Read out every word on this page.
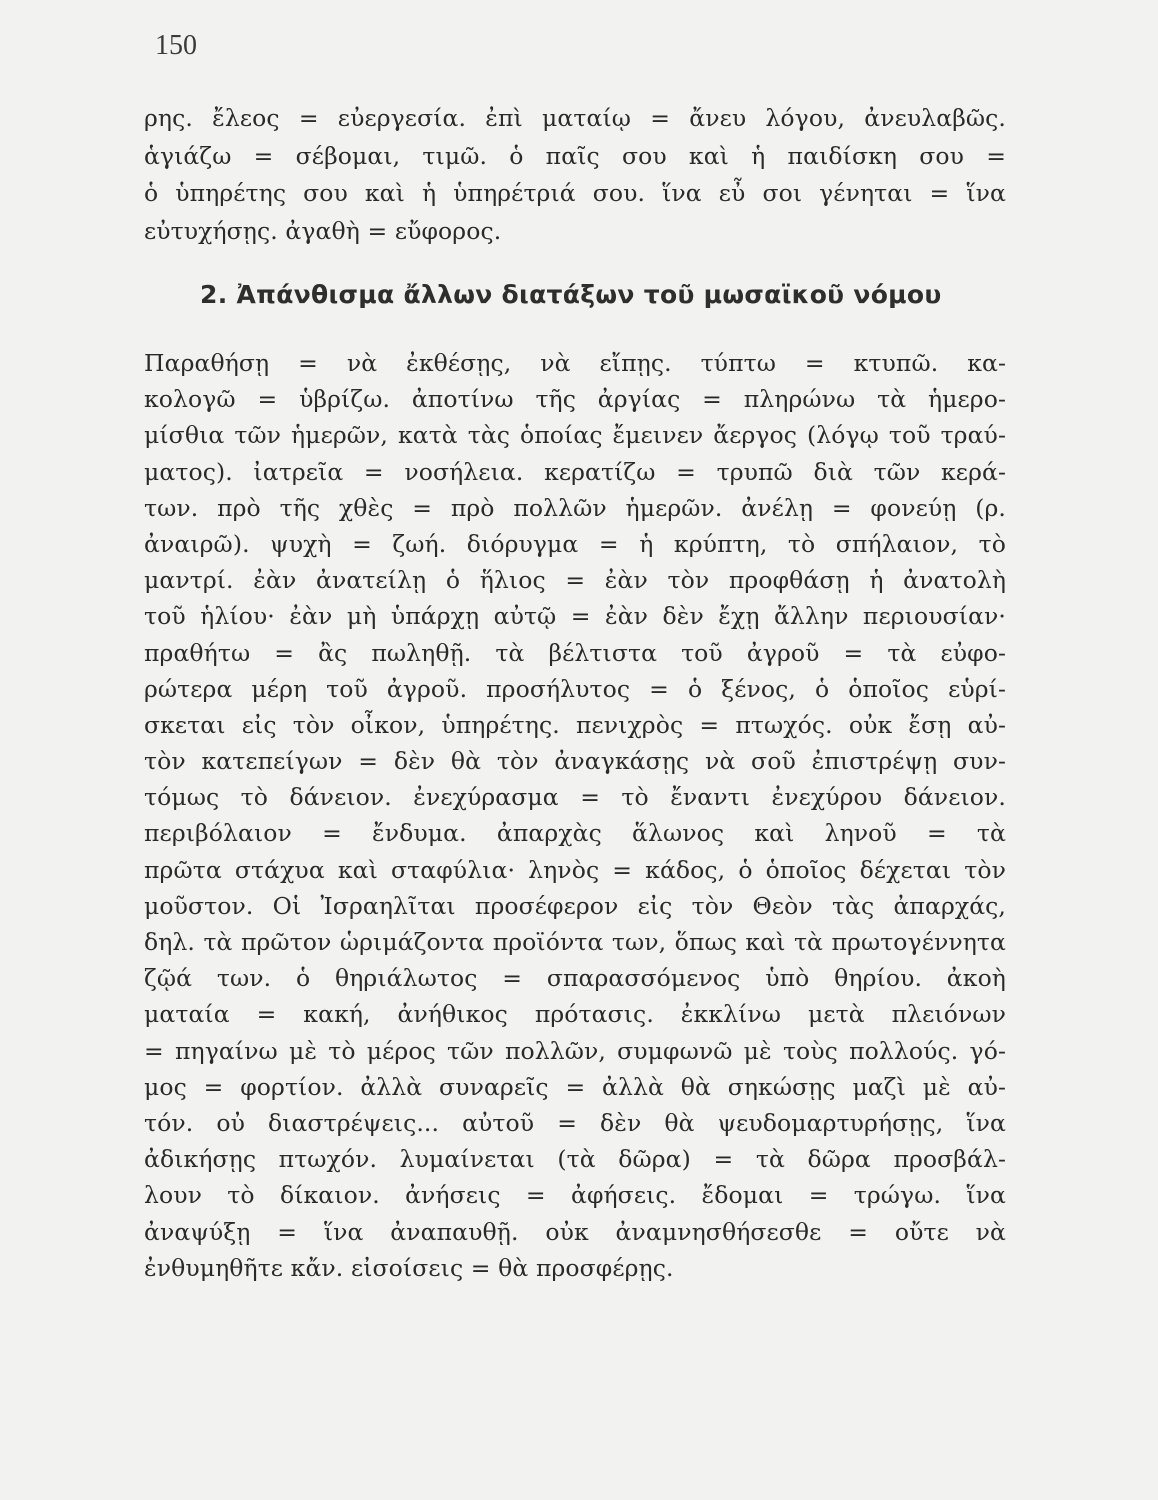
150

ρης. ἔλεος = εὐεργεσία. ἐπὶ ματαίῳ = ἄνευ λόγου, ἀνευλαβῶς.
ἁγιάζω = σέβομαι, τιμῶ. ὁ παῖς σου καὶ ἡ παιδίσκη σου =
ὁ ὑπηρέτης σου καὶ ἡ ὑπηρέτριά σου. ἵνα εὖ σοι γένηται = ἵνα
εὐτυχήσῃς. ἀγαθὴ = εὔφορος.
2. Ἀπάνθισμα ἄλλων διατάξων τοῦ μωσαϊκοῦ νόμου
Παραθήσῃ = νὰ ἐκθέσῃς, νὰ εἴπῃς. τύπτω = κτυπῶ. κα-
κολογῶ = ὑβρίζω. ἀποτίνω τῆς ἀργίας = πληρώνω τὰ ἡμερο-
μίσθια τῶν ἡμερῶν, κατὰ τὰς ὁποίας ἔμεινεν ἄεργος (λόγῳ τοῦ τραύ-
ματος). ἰατρεῖα = νοσήλεια. κερατίζω = τρυπῶ διὰ τῶν κερά-
των. πρὸ τῆς χθὲς = πρὸ πολλῶν ἡμερῶν. ἀνέλῃ = φονεύῃ (ρ.
ἀναιρῶ). ψυχὴ = ζωή. διόρυγμα = ἡ κρύπτη, τὸ σπήλαιον, τὸ
μαντρί. ἐὰν ἀνατείλῃ ὁ ἥλιος = ἐὰν τὸν προφθάσῃ ἡ ἀνατολὴ
τοῦ ἡλίου· ἐὰν μὴ ὑπάρχῃ αὐτῷ = ἐὰν δὲν ἔχῃ ἄλλην περιουσίαν·
πραθήτω = ἂς πωληθῇ. τὰ βέλτιστα τοῦ ἀγροῦ = τὰ εὐφο-
ρώτερα μέρη τοῦ ἀγροῦ. προσήλυτος = ὁ ξένος, ὁ ὁποῖος εὑρί-
σκεται εἰς τὸν οἶκον, ὑπηρέτης. πενιχρὸς = πτωχός. οὐκ ἔσῃ αὐ-
τὸν κατεπείγων = δὲν θὰ τὸν ἀναγκάσῃς νὰ σοῦ ἐπιστρέψῃ συν-
τόμως τὸ δάνειον. ἐνεχύρασμα = τὸ ἔναντι ἐνεχύρου δάνειον.
περιβόλαιον = ἔνδυμα. ἀπαρχὰς ἅλωνος καὶ ληνοῦ = τὰ
πρῶτα στάχυα καὶ σταφύλια· ληνὸς = κάδος, ὁ ὁποῖος δέχεται τὸν
μοῦστον. Οἱ Ἰσραηλῖται προσέφερον εἰς τὸν Θεὸν τὰς ἀπαρχάς,
δηλ. τὰ πρῶτον ὡριμάζοντα προϊόντα των, ὅπως καὶ τὰ πρωτογέννητα
ζῷά των. ὁ θηριάλωτος = σπαρασσόμενος ὑπὸ θηρίου. ἀκοὴ
ματαία = κακή, ἀνήθικος πρότασις. ἐκκλίνω μετὰ πλειόνων
= πηγαίνω μὲ τὸ μέρος τῶν πολλῶν, συμφωνῶ μὲ τοὺς πολλούς. γό-
μος = φορτίον. ἀλλὰ συναρεῖς = ἀλλὰ θὰ σηκώσῃς μαζὶ μὲ αὐ-
τόν. οὐ διαστρέψεις... αὐτοῦ = δὲν θὰ ψευδομαρτυρήσῃς, ἵνα
ἀδικήσῃς πτωχόν. λυμαίνεται (τὰ δῶρα) = τὰ δῶρα προσβάλ-
λουν τὸ δίκαιον. ἀνήσεις = ἀφήσεις. ἔδομαι = τρώγω. ἵνα
ἀναψύξῃ = ἵνα ἀναπαυθῇ. οὐκ ἀναμνησθήσεσθε = οὔτε νὰ
ἐνθυμηθῆτε κἄν. εἰσοίσεις = θὰ προσφέρῃς.
